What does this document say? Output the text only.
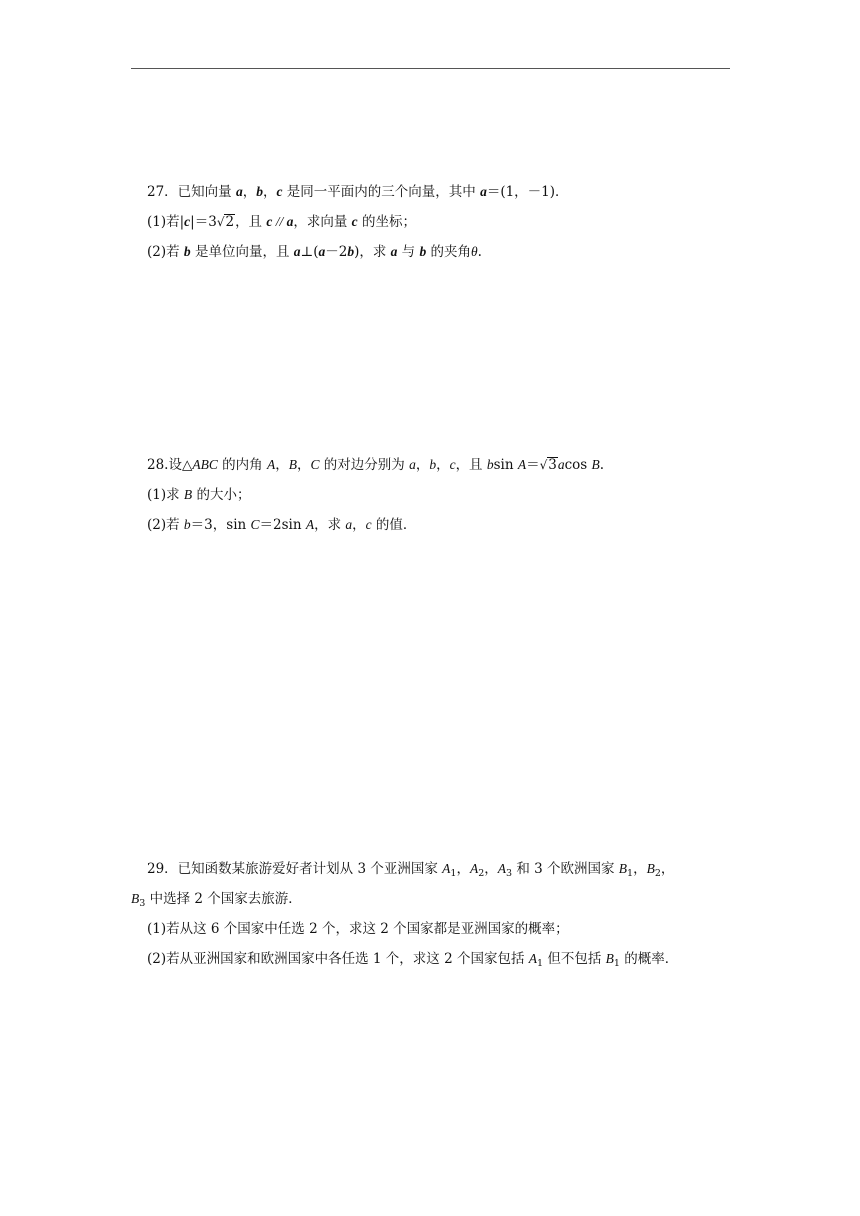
27．已知向量 a，b，c 是同一平面内的三个向量，其中 a＝(1，－1)．
(1)若|c|＝3√2，且 c // a，求向量 c 的坐标；
(2)若 b 是单位向量，且 a⊥(a－2b)，求 a 与 b 的夹角θ.
28.设△ABC 的内角 A，B，C 的对边分别为 a，b，c，且 bsin A＝√3acos B.
(1)求 B 的大小；
(2)若 b＝3，sin C＝2sin A，求 a，c 的值．
29．已知函数某旅游爱好者计划从 3 个亚洲国家 $A_1$，$A_2$，$A_3$ 和 3 个欧洲国家 $B_1$，$B_2$，
$B_3$ 中选择 2 个国家去旅游．
(1)若从这 6 个国家中任选 2 个，求这 2 个国家都是亚洲国家的概率；
(2)若从亚洲国家和欧洲国家中各任选 1 个，求这 2 个国家包括 $A_1$ 但不包括 $B_1$ 的概率．
